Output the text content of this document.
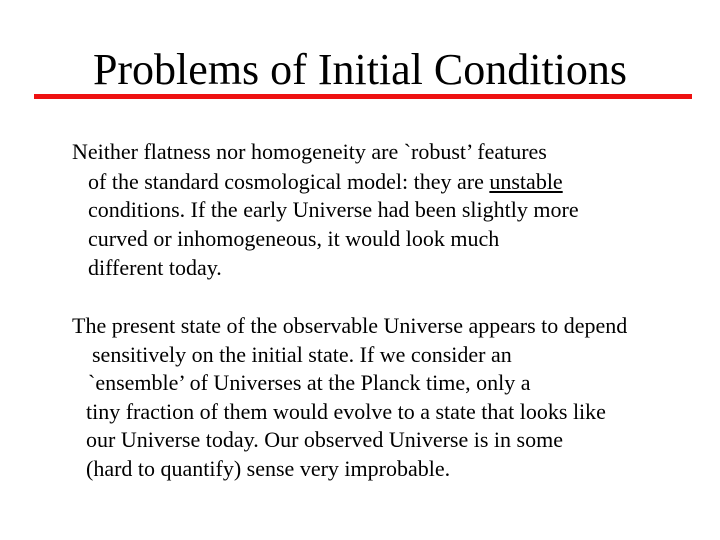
Problems of Initial Conditions
Neither flatness nor homogeneity are `robust’ features
of the standard cosmological model: they are unstable
conditions. If the early Universe had been slightly more
curved or inhomogeneous, it would look much
different today.
The present state of the observable Universe appears to depend
sensitively on the initial state. If we consider an
`ensemble’ of Universes at the Planck time, only a
tiny fraction of them would evolve to a state that looks like
our Universe today. Our observed Universe is in some
(hard to quantify) sense very improbable.
